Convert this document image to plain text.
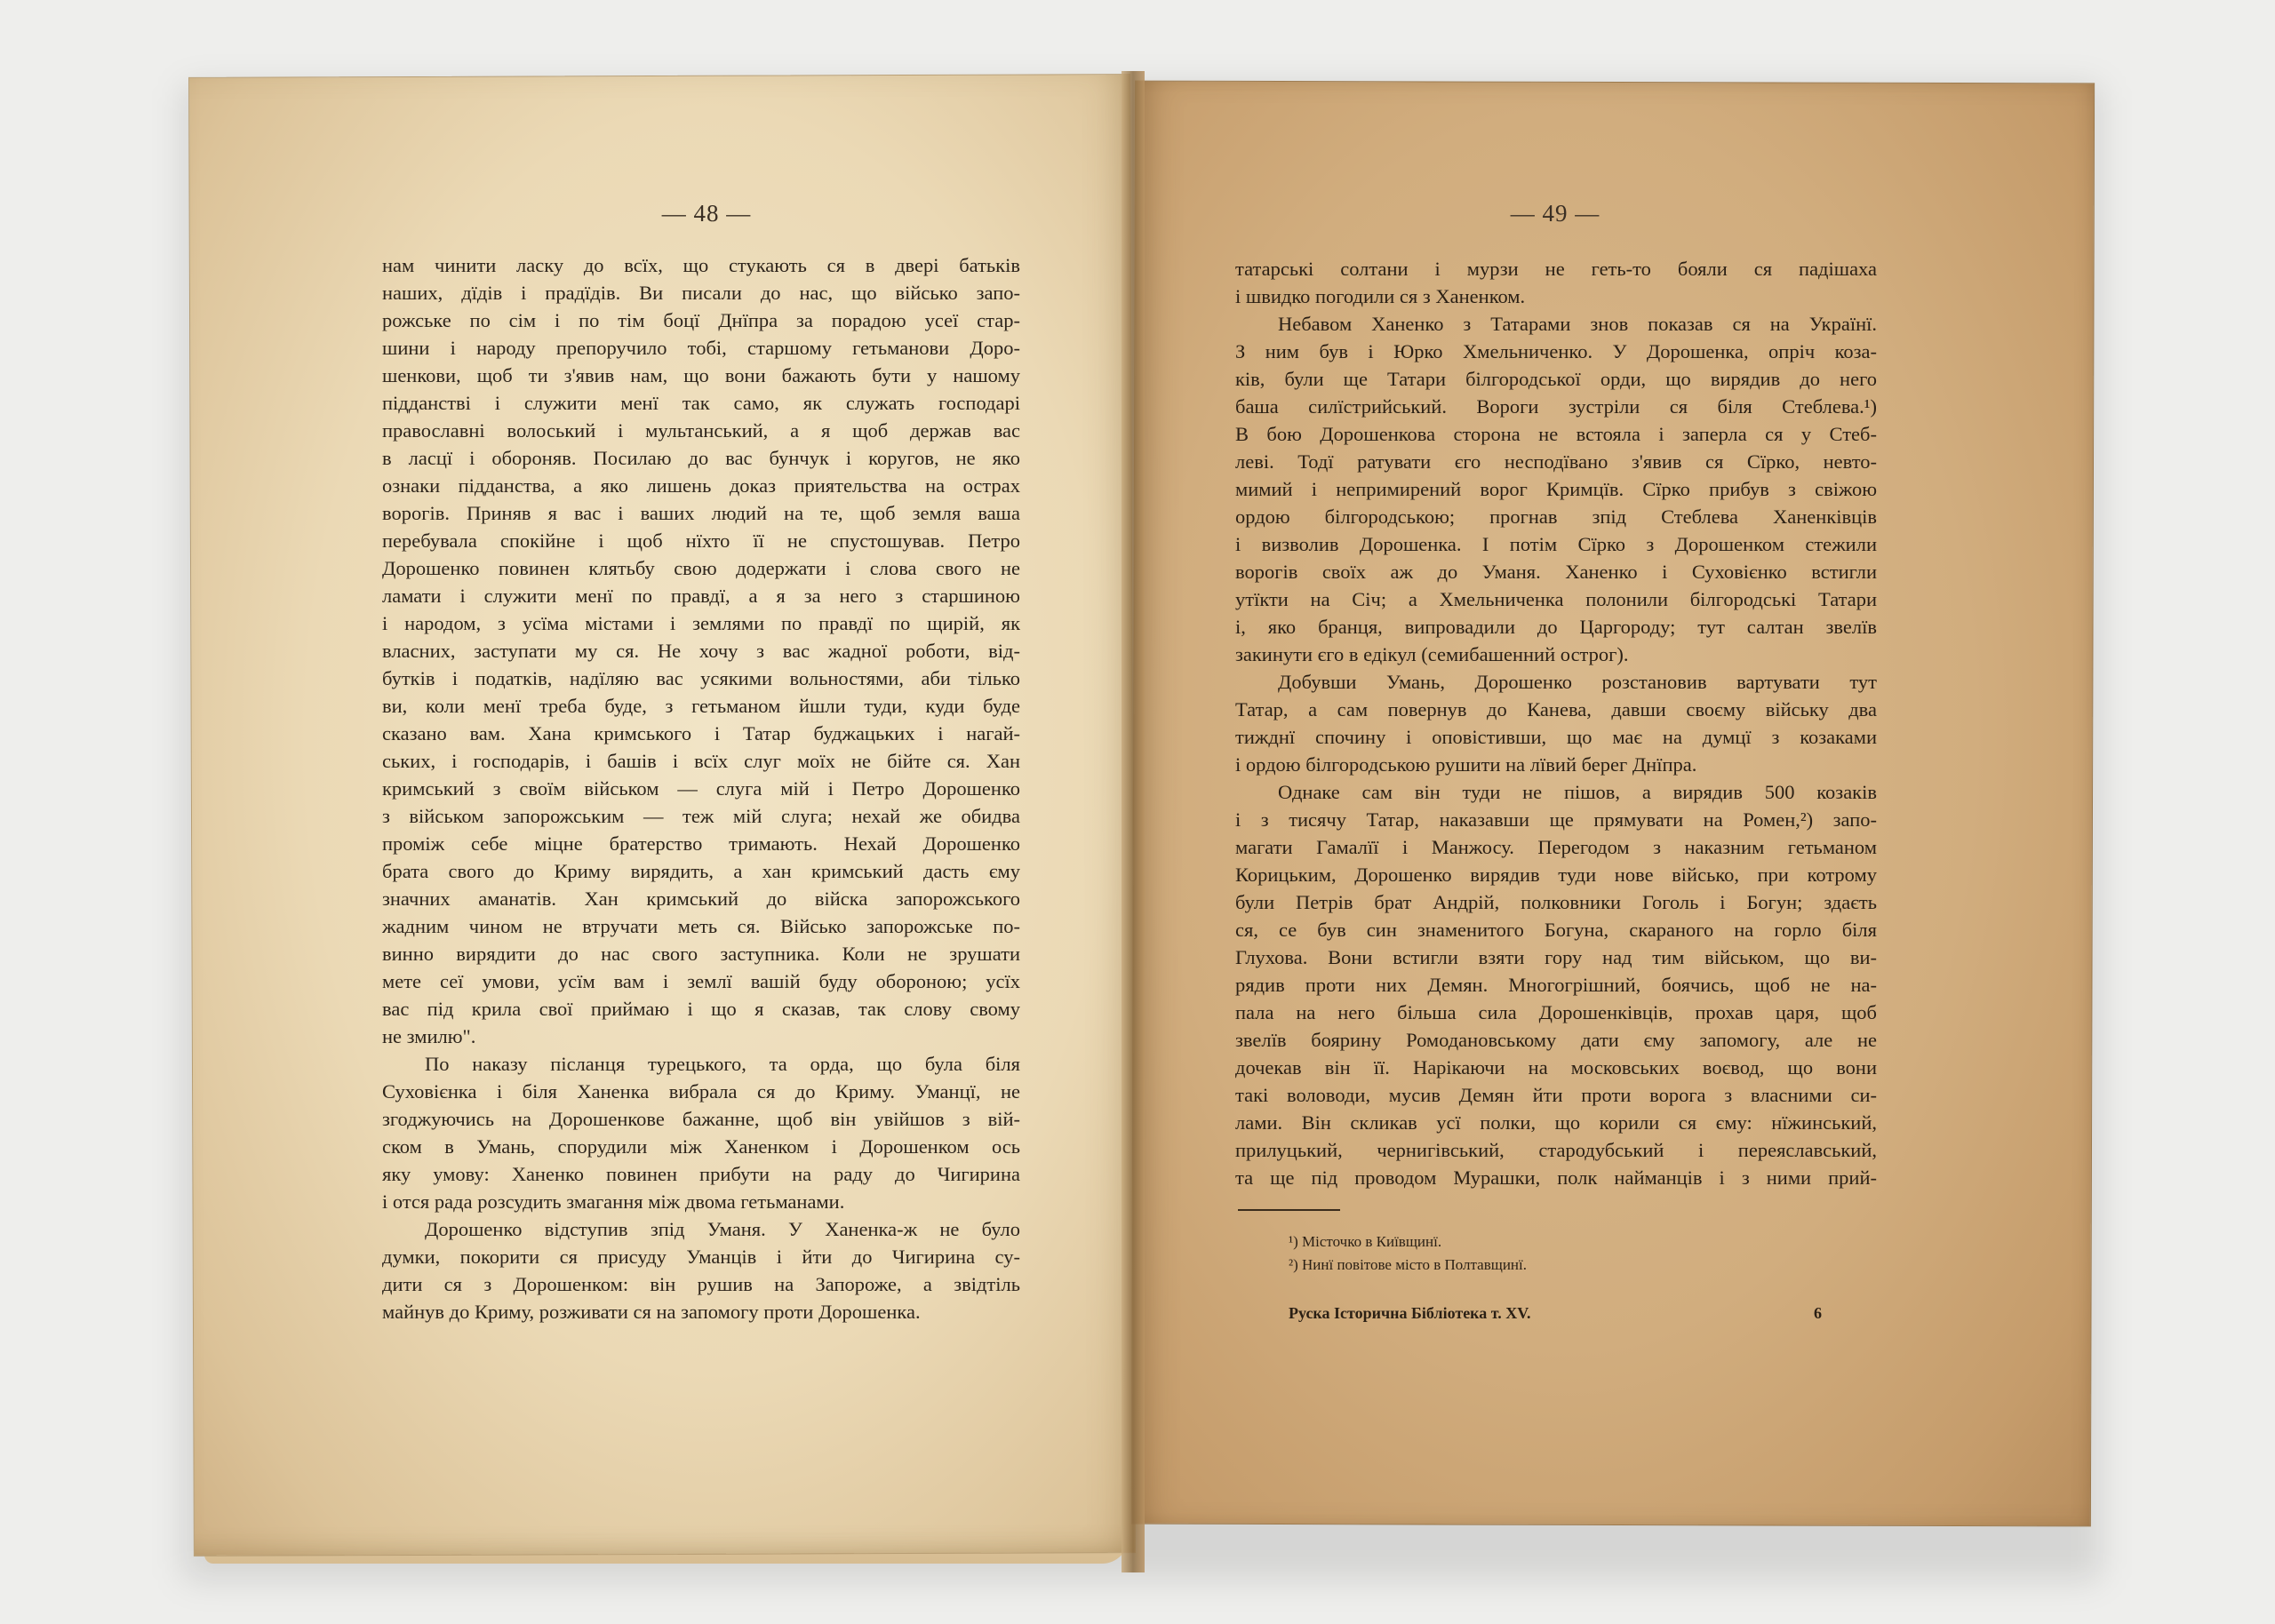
— 48 —	— 49 —
нам чинити ласку до всїх, що стукають ся в двері батьків
наших, дїдів і прадїдів. Ви писали до нас, що військо запо-
рожське по сім і по тім боцї Днїпра за порадою усеї стар-
шини і народу препоручило тобі, старшому гетьманови Доро-
шенкови, щоб ти з'явив нам, що вони бажають бути у нашому
підданстві і служити менї так само, як служать господарі
православні волоський і мультанський, а я щоб держав вас
в ласцї і обороняв. Посилаю до вас бунчук і коругов, не яко
ознаки підданства, а яко лишень доказ приятельства на острах
ворогів. Приняв я вас і ваших людий на те, щоб земля ваша
перебувала спокійне і щоб нїхто її не спустошував. Петро
Дорошенко повинен клятьбу свою додержати і слова свого не
ламати і служити менї по правдї, а я за него з старшиною
і народом, з усїма містами і землями по правдї по щирій, як
власних, заступати му ся. Не хочу з вас жадної роботи, від-
бутків і податків, надїляю вас усякими вольностями, аби тілько
ви, коли менї треба буде, з гетьманом йшли туди, куди буде
сказано вам. Хана кримського і Татар буджацьких і нагай-
ських, і господарів, і башів і всїх слуг моїх не бійте ся. Хан
кримський з своїм військом — слуга мій і Петро Дорошенко
з військом запорожським — теж мій слуга; нехай же обидва
проміж себе міцне братерство тримають. Нехай Дорошенко
брата свого до Криму вирядить, а хан кримський дасть єму
значних аманатів. Хан кримський до війска запорожського
жадним чином не втручати меть ся. Військо запорожське по-
винно вирядити до нас свого заступника. Коли не зрушати
мете сеї умови, усїм вам і землї вашій буду обороною; усїх
вас під крила свої приймаю і що я сказав, так слову свому
не змилю".
По наказу післанця турецького, та орда, що була біля
Суховієнка і біля Ханенка вибрала ся до Криму. Уманцї, не
згоджуючись на Дорошенкове бажанне, щоб він увійшов з вій-
ском в Умань, спорудили між Ханенком і Дорошенком ось
яку умову: Ханенко повинен прибути на раду до Чигирина
і отся рада розсудить змагання між двома гетьманами.
Дорошенко відступив зпід Уманя. У Ханенка-ж не було
думки, покорити ся присуду Уманців і йти до Чигирина су-
дити ся з Дорошенком: він рушив на Запороже, а звідтіль
майнув до Криму, розживати ся на запомогу проти Дорошенка.
татарські солтани і мурзи не геть-то бояли ся падішаха
і швидко погодили ся з Ханенком.
Небавом Ханенко з Татарами знов показав ся на Українї.
З ним був і Юрко Хмельниченко. У Дорошенка, опріч коза-
ків, були ще Татари білгородської орди, що вирядив до него
баша силїстрийський. Вороги зустріли ся біля Стеблева.¹)
В бою Дорошенкова сторона не встояла і заперла ся у Стеб-
леві. Тодї ратувати єго несподївано з'явив ся Сїрко, невто-
мимий і непримирений ворог Кримцїв. Сїрко прибув з свіжою
ордою білгородською; прогнав зпід Стеблева Ханенківців
і визволив Дорошенка. І потім Сїрко з Дорошенком стежили
ворогів своїх аж до Уманя. Ханенко і Суховієнко встигли
утїкти на Січ; а Хмельниченка полонили білгородські Татари
і, яко бранця, випровадили до Царгороду; тут салтан звелїв
закинути єго в едікул (семибашенний острог).
Добувши Умань, Дорошенко розстановив вартувати тут
Татар, а сам повернув до Канева, давши своєму війську два
тижднї спочину і оповістивши, що має на думцї з козаками
і ордою білгородською рушити на лївий берег Днїпра.
Однаке сам він туди не пішов, а вирядив 500 козаків
і з тисячу Татар, наказавши ще прямувати на Ромен,²) запо-
магати Гамалїї і Манжосу. Перегодом з наказним гетьманом
Корицьким, Дорошенко вирядив туди нове військо, при котрому
були Петрів брат Андрій, полковники Гоголь і Богун; здаєть
ся, се був син знаменитого Богуна, скараного на горло біля
Глухова. Вони встигли взяти гору над тим військом, що ви-
рядив проти них Демян. Многогрішний, боячись, щоб не на-
пала на него більша сила Дорошенківців, прохав царя, щоб
звелїв боярину Ромодановському дати єму запомогу, але не
дочекав він її. Нарікаючи на московських воєвод, що вони
такі воловоди, мусив Демян йти проти ворога з власними си-
лами. Він скликав усї полки, що корили ся єму: нїжинський,
прилуцький, чернигівський, стародубський і переяславський,
та ще під проводом Мурашки, полк найманців і з ними прий-
¹) Місточко в Київщинї.
²) Нинї повітове місто в Полтавщинї.
Руска Історична Бібліотека т. XV.	6
